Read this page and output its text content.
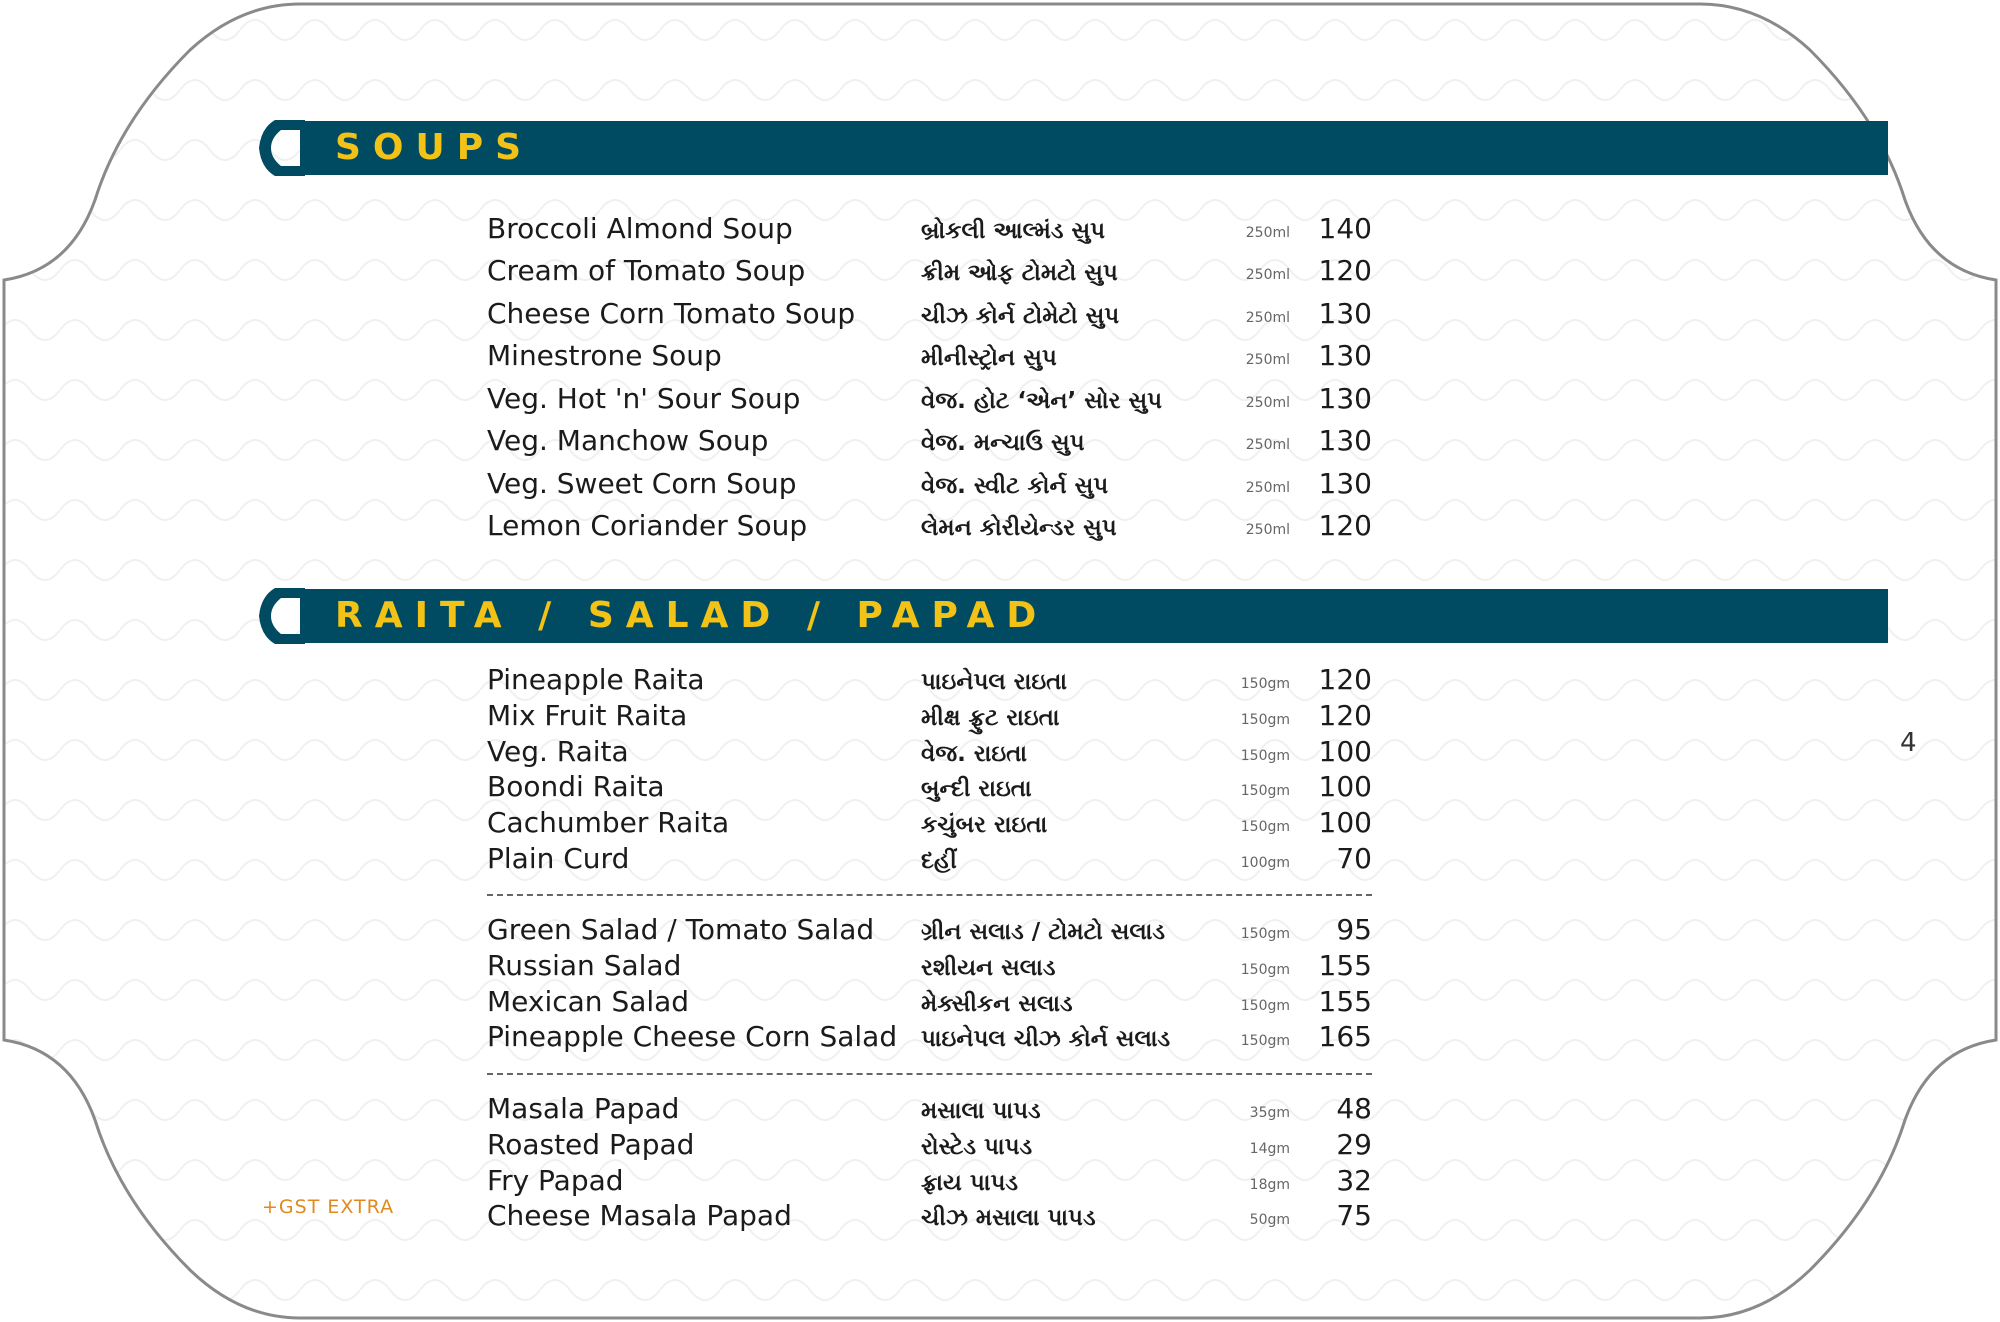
SOUPS
Broccoli Almond Soup	બ્રોકલી આલ્મંડ સુપ	250ml 140
Cream of Tomato Soup	ક્રીમ ઓફ ટોમટો સુપ	250ml 120
Cheese Corn Tomato Soup	ચીઝ કોર્ન ટોમેટો સુપ	250ml 130
Minestrone Soup	મીનીસ્ટ્રોન સુપ	250ml 130
Veg. Hot 'n' Sour Soup	વેજ. હોટ ‘એન’ સોર સુપ	250ml 130
Veg. Manchow Soup	વેજ. મન્ચાઉ સુપ	250ml 130
Veg. Sweet Corn Soup	વેજ. સ્વીટ કોર્ન સુપ	250ml 130
Lemon Coriander Soup	લેમન કોરીયેન્ડર સુપ	250ml 120
RAITA / SALAD / PAPAD
Pineapple Raita	પાઇનેપલ રાઇતા	150gm 120
Mix Fruit Raita	મીક્ષ ફ્રુટ રાઇતા	150gm 120
Veg. Raita	વેજ. રાઇતા	150gm 100
Boondi Raita	બુન્દી રાઇતા	150gm 100
Cachumber Raita	કચુંબર રાઇતા	150gm 100
Plain Curd	દહીં	100gm 70
Green Salad / Tomato Salad ગ્રીન સલાડ / ટોમટો સલાડ	150gm 95
Russian Salad	રશીયન સલાડ	150gm 155
Mexican Salad	મેક્સીકન સલાડ	150gm 155
Pineapple Cheese Corn Salad પાઇનેપલ ચીઝ કોર્ન સલાડ	150gm 165
Masala Papad	મસાલા પાપડ	35gm 48
Roasted Papad	રોસ્ટેડ પાપડ	14gm 29
Fry Papad	ફ્રાય પાપડ	18gm 32
Cheese Masala Papad	ચીઝ મસાલા પાપડ	50gm 75
4
+GST EXTRA
